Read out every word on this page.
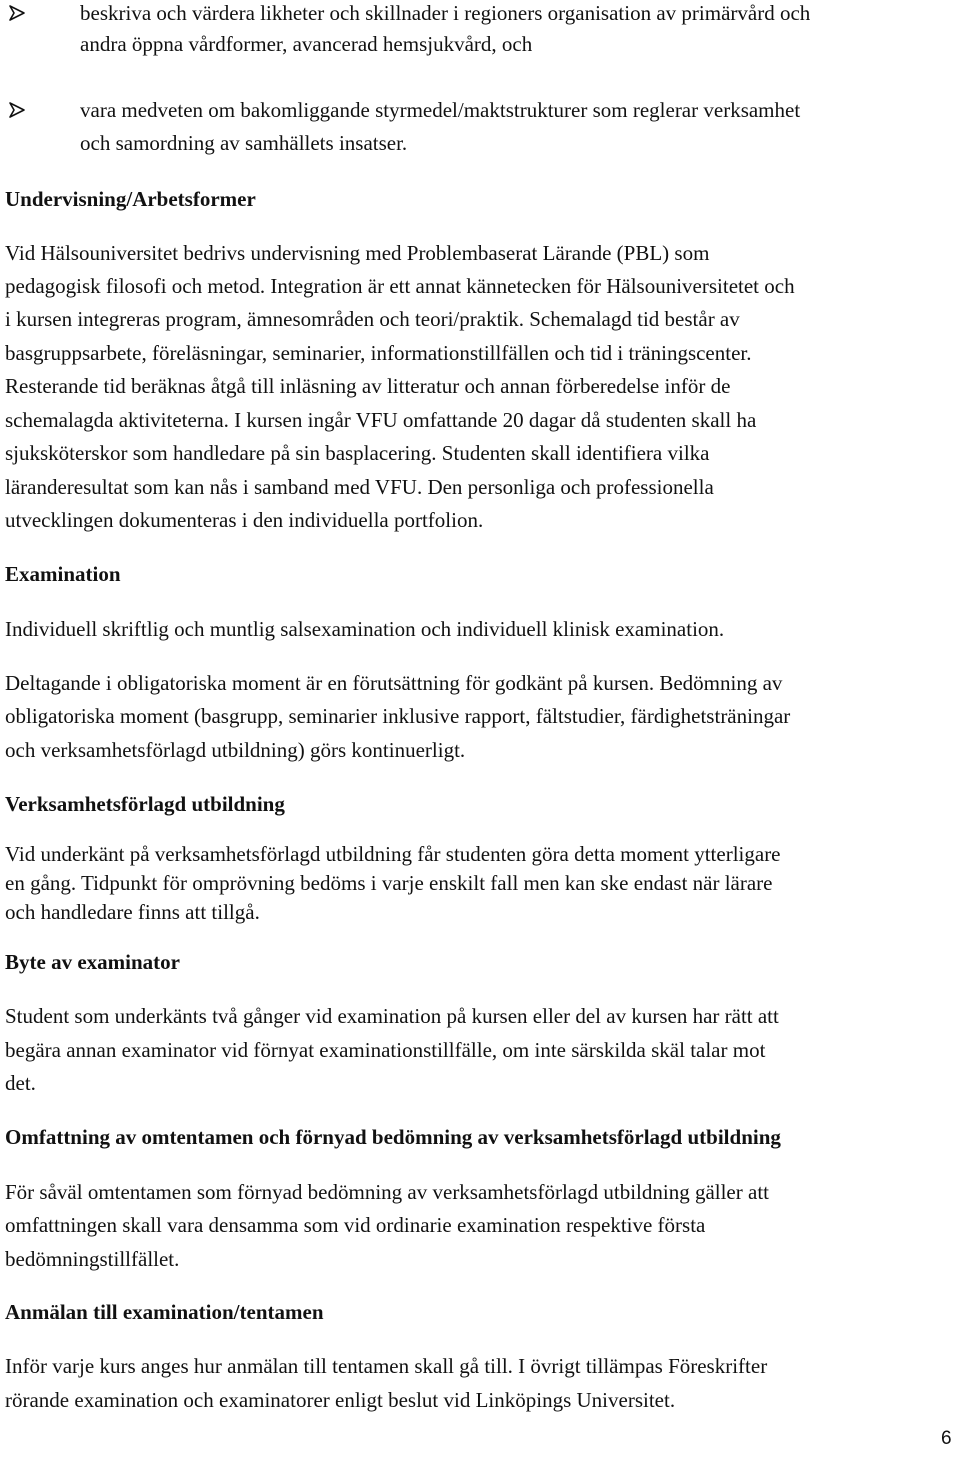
beskriva och värdera likheter och skillnader i regioners organisation av primärvård och
andra öppna vårdformer, avancerad hemsjukvård, och
vara medveten om bakomliggande styrmedel/maktstrukturer som reglerar verksamhet
och samordning av samhällets insatser.
Undervisning/Arbetsformer
Vid Hälsouniversitet bedrivs undervisning med Problembaserat Lärande (PBL) som
pedagogisk filosofi och metod. Integration är ett annat kännetecken för Hälsouniversitetet och
i kursen integreras program, ämnesområden och teori/praktik. Schemalagd tid består av
basgruppsarbete, föreläsningar, seminarier, informationstillfällen och tid i träningscenter.
Resterande tid beräknas åtgå till inläsning av litteratur och annan förberedelse inför de
schemalagda aktiviteterna. I kursen ingår VFU omfattande 20 dagar då studenten skall ha
sjuksköterskor som handledare på sin basplacering. Studenten skall identifiera vilka
läranderesultat som kan nås i samband med VFU. Den personliga och professionella
utvecklingen dokumenteras i den individuella portfolion.
Examination
Individuell skriftlig och muntlig salsexamination och individuell klinisk examination.
Deltagande i obligatoriska moment är en förutsättning för godkänt på kursen. Bedömning av
obligatoriska moment (basgrupp, seminarier inklusive rapport, fältstudier, färdighetsträningar
och verksamhetsförlagd utbildning) görs kontinuerligt.
Verksamhetsförlagd utbildning
Vid underkänt på verksamhetsförlagd utbildning får studenten göra detta moment ytterligare
en gång. Tidpunkt för omprövning bedöms i varje enskilt fall men kan ske endast när lärare
och handledare finns att tillgå.
Byte av examinator
Student som underkänts två gånger vid examination på kursen eller del av kursen har rätt att
begära annan examinator vid förnyat examinationstillfälle, om inte särskilda skäl talar mot
det.
Omfattning av omtentamen och förnyad bedömning av verksamhetsförlagd utbildning
För såväl omtentamen som förnyad bedömning av verksamhetsförlagd utbildning gäller att
omfattningen skall vara densamma som vid ordinarie examination respektive första
bedömningstillfället.
Anmälan till examination/tentamen
Inför varje kurs anges hur anmälan till tentamen skall gå till. I övrigt tillämpas Föreskrifter
rörande examination och examinatorer enligt beslut vid Linköpings Universitet.
6
